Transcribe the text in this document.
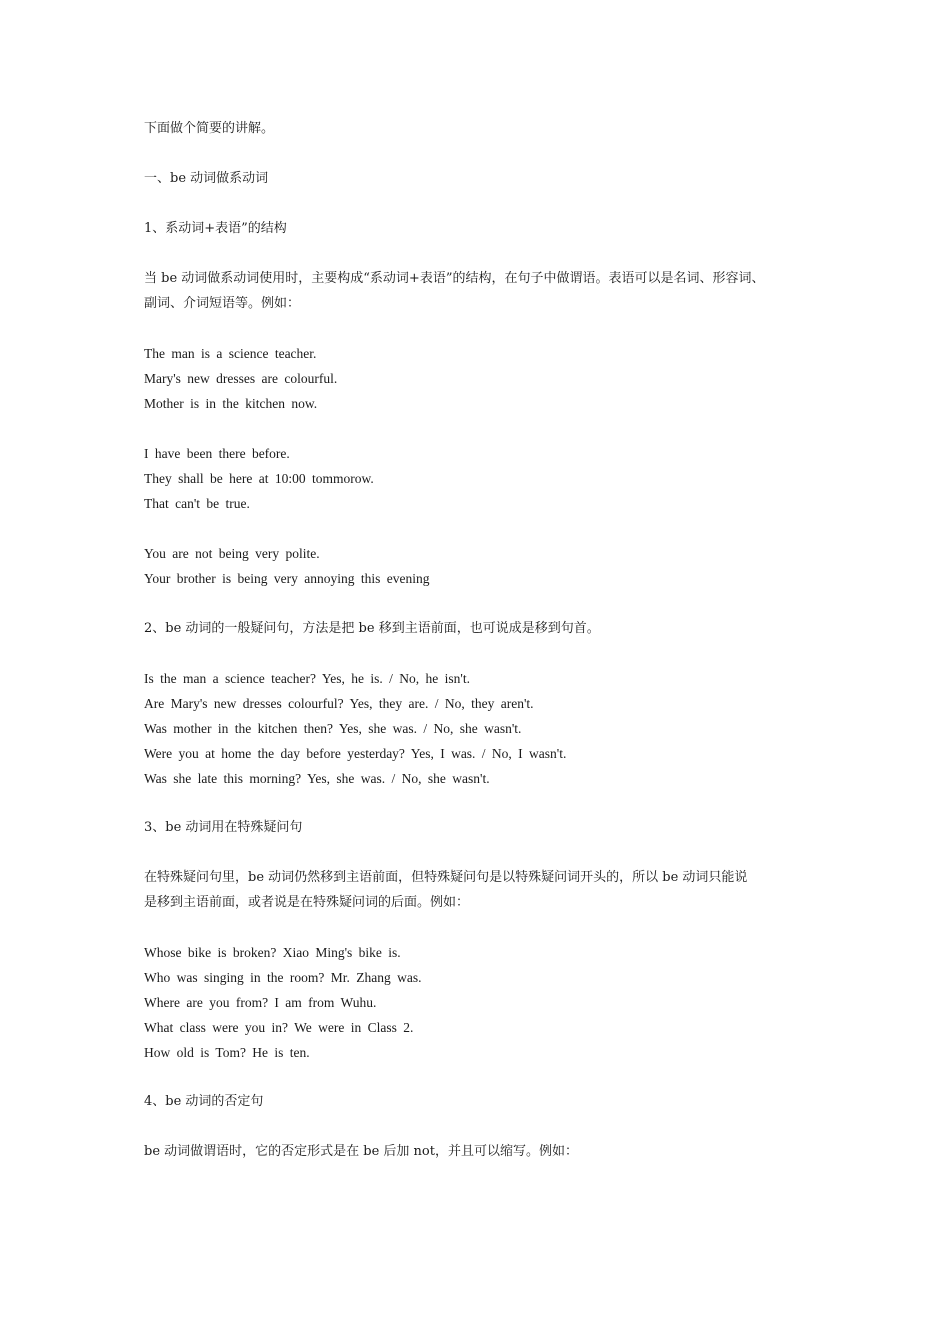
下面做个简要的讲解。
一、be 动词做系动词
1、系动词+表语”的结构
当 be 动词做系动词使用时，主要构成“系动词+表语”的结构，在句子中做谓语。表语可以是名词、形容词、
副词、介词短语等。例如：
The man is a science teacher.
Mary's new dresses are colourful.
Mother is in the kitchen now.
I have been there before.
They shall be here at 10:00 tommorow.
That can't be true.
You are not being very polite.
Your brother is being very annoying this evening
2、be 动词的一般疑问句，方法是把 be 移到主语前面，也可说成是移到句首。
Is the man a science teacher? Yes, he is. / No, he isn't.
Are Mary's new dresses colourful? Yes, they are. / No, they aren't.
Was mother in the kitchen then? Yes, she was. / No, she wasn't.
Were you at home the day before yesterday? Yes, I was. / No, I wasn't.
Was she late this morning? Yes, she was. / No, she wasn't.
3、be 动词用在特殊疑问句
在特殊疑问句里，be 动词仍然移到主语前面，但特殊疑问句是以特殊疑问词开头的，所以 be 动词只能说
是移到主语前面，或者说是在特殊疑问词的后面。例如：
Whose bike is broken? Xiao Ming's bike is.
Who was singing in the room? Mr. Zhang was.
Where are you from? I am from Wuhu.
What class were you in? We were in Class 2.
How old is Tom? He is ten.
4、be 动词的否定句
be 动词做谓语时，它的否定形式是在 be 后加 not，并且可以缩写。例如：
